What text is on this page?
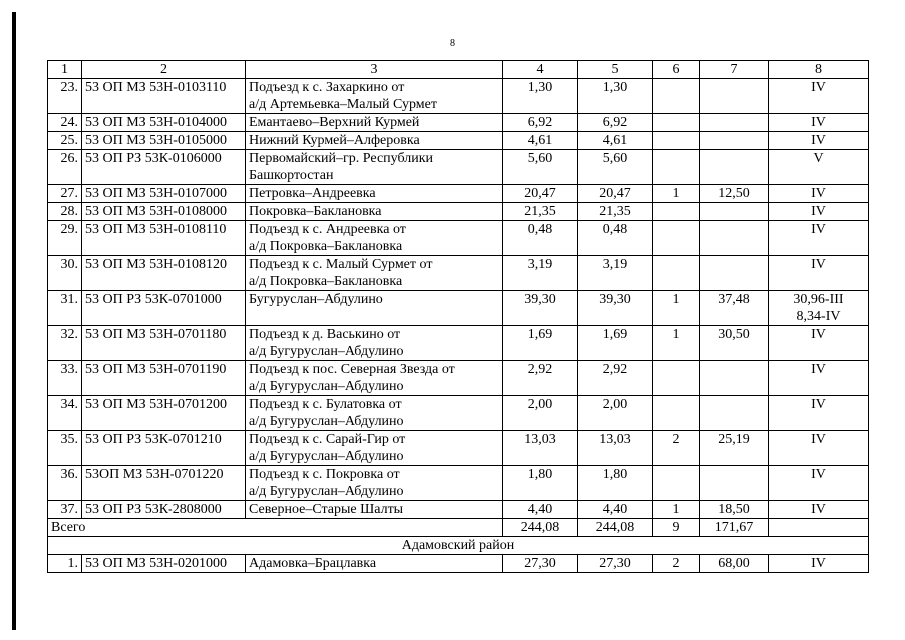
8
1	2	3	4	5	6	7	8
23.	53 ОП МЗ 53Н-0103110	Подъезд к с. Захаркино от
а/д Артемьевка–Малый Сурмет	1,30	1,30			IV
24.	53 ОП МЗ 53Н-0104000	Емантаево–Верхний Курмей	6,92	6,92			IV
25.	53 ОП МЗ 53Н-0105000	Нижний Курмей–Алферовка	4,61	4,61			IV
26.	53 ОП РЗ 53К-0106000	Первомайский–гр. Республики
Башкортостан	5,60	5,60			V
27.	53 ОП МЗ 53Н-0107000	Петровка–Андреевка	20,47	20,47	1	12,50	IV
28.	53 ОП МЗ 53Н-0108000	Покровка–Баклановка	21,35	21,35			IV
29.	53 ОП МЗ 53Н-0108110	Подъезд к с. Андреевка от
а/д Покровка–Баклановка	0,48	0,48			IV
30.	53 ОП МЗ 53Н-0108120	Подъезд к с. Малый Сурмет от
а/д Покровка–Баклановка	3,19	3,19			IV
31.	53 ОП РЗ 53К-0701000	Бугуруслан–Абдулино	39,30	39,30	1	37,48	30,96-III
8,34-IV
32.	53 ОП МЗ 53Н-0701180	Подъезд к д. Васькино от
а/д Бугуруслан–Абдулино	1,69	1,69	1	30,50	IV
33.	53 ОП МЗ 53Н-0701190	Подъезд к пос. Северная Звезда от
а/д Бугуруслан–Абдулино	2,92	2,92			IV
34.	53 ОП МЗ 53Н-0701200	Подъезд к с. Булатовка от
а/д Бугуруслан–Абдулино	2,00	2,00			IV
35.	53 ОП РЗ 53К-0701210	Подъезд к с. Сарай-Гир от
а/д Бугуруслан–Абдулино	13,03	13,03	2	25,19	IV
36.	53ОП МЗ 53Н-0701220	Подъезд к с. Покровка от
а/д Бугуруслан–Абдулино	1,80	1,80			IV
37.	53 ОП РЗ 53К-2808000	Северное–Старые Шалты	4,40	4,40	1	18,50	IV
Всего			244,08	244,08	9	171,67	
Адамовский район							
1.	53 ОП МЗ 53Н-0201000	Адамовка–Брацлавка	27,30	27,30	2	68,00	IV
